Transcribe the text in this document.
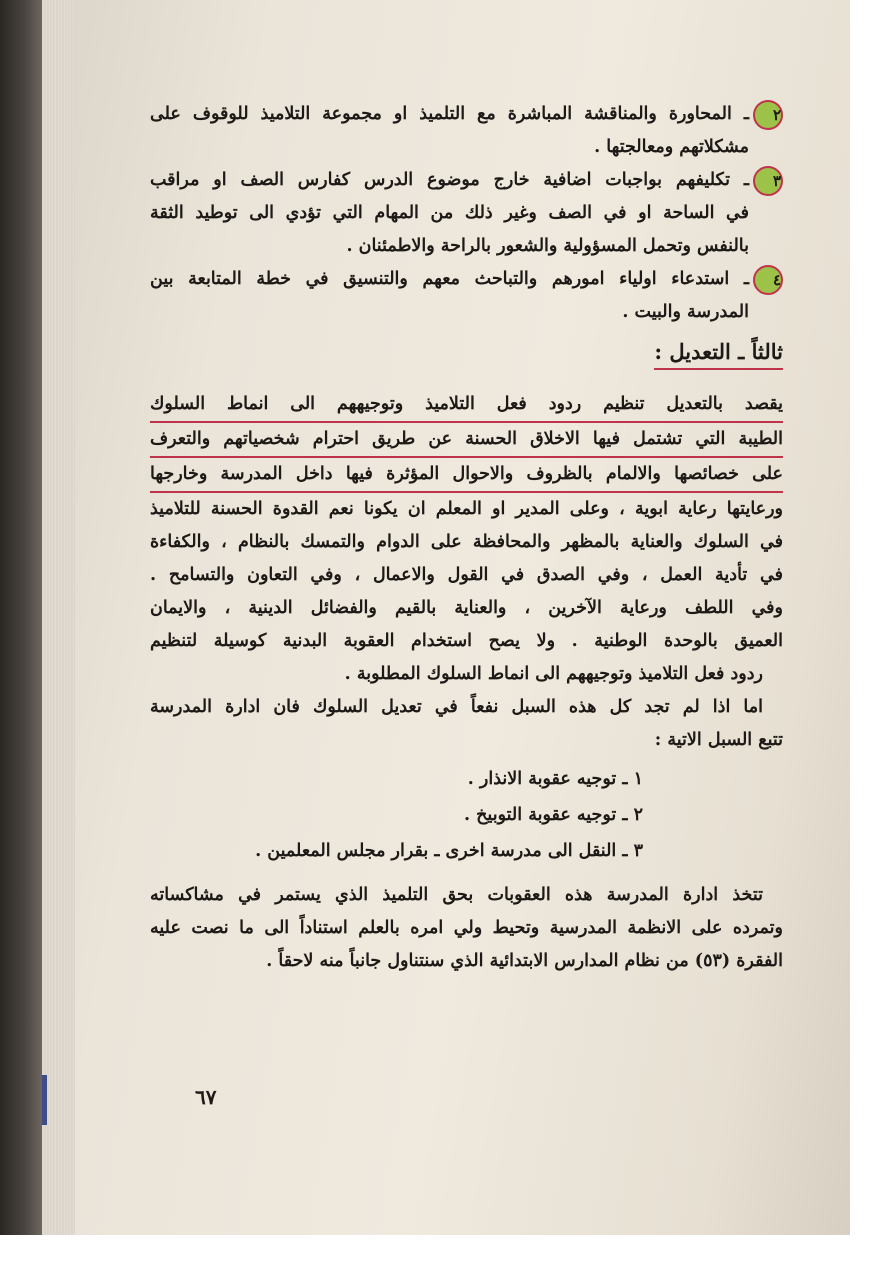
٢ـ المحاورة والمناقشة المباشرة مع التلميذ او مجموعة التلاميذ للوقوف على
مشكلاتهم ومعالجتها .
٣ـ تكليفهم بواجبات اضافية خارج موضوع الدرس كفارس الصف او مراقب
في الساحة او في الصف وغير ذلك من المهام التي تؤدي الى توطيد الثقة
بالنفس وتحمل المسؤولية والشعور بالراحة والاطمئنان .
٤ـ استدعاء اولياء امورهم والتباحث معهم والتنسيق في خطة المتابعة بين
المدرسة والبيت .
ثالثاً ـ التعديل :
يقصد بالتعديل تنظيم ردود فعل التلاميذ وتوجيههم الى انماط السلوك
الطيبة التي تشتمل فيها الاخلاق الحسنة عن طريق احترام شخصياتهم والتعرف
على خصائصها والالمام بالظروف والاحوال المؤثرة فيها داخل المدرسة وخارجها
ورعايتها رعاية ابوية ، وعلى المدير او المعلم ان يكونا نعم القدوة الحسنة للتلاميذ
في السلوك والعناية بالمظهر والمحافظة على الدوام والتمسك بالنظام ، والكفاءة
في تأدية العمل ، وفي الصدق في القول والاعمال ، وفي التعاون والتسامح .
وفي اللطف ورعاية الآخرين ، والعناية بالقيم والفضائل الدينية ، والايمان
العميق بالوحدة الوطنية . ولا يصح استخدام العقوبة البدنية كوسيلة لتنظيم
ردود فعل التلاميذ وتوجيههم الى انماط السلوك المطلوبة .
اما اذا لم تجد كل هذه السبل نفعاً في تعديل السلوك فان ادارة المدرسة
تتبع السبل الاتية :
١ ـ توجيه عقوبة الانذار .
٢ ـ توجيه عقوبة التوبيخ .
٣ ـ النقل الى مدرسة اخرى ـ بقرار مجلس المعلمين .
تتخذ ادارة المدرسة هذه العقوبات بحق التلميذ الذي يستمر في مشاكساته
وتمرده على الانظمة المدرسية وتحيط ولي امره بالعلم استناداً الى ما نصت عليه
الفقرة (٥٣) من نظام المدارس الابتدائية الذي سنتناول جانباً منه لاحقاً .
٦٧
